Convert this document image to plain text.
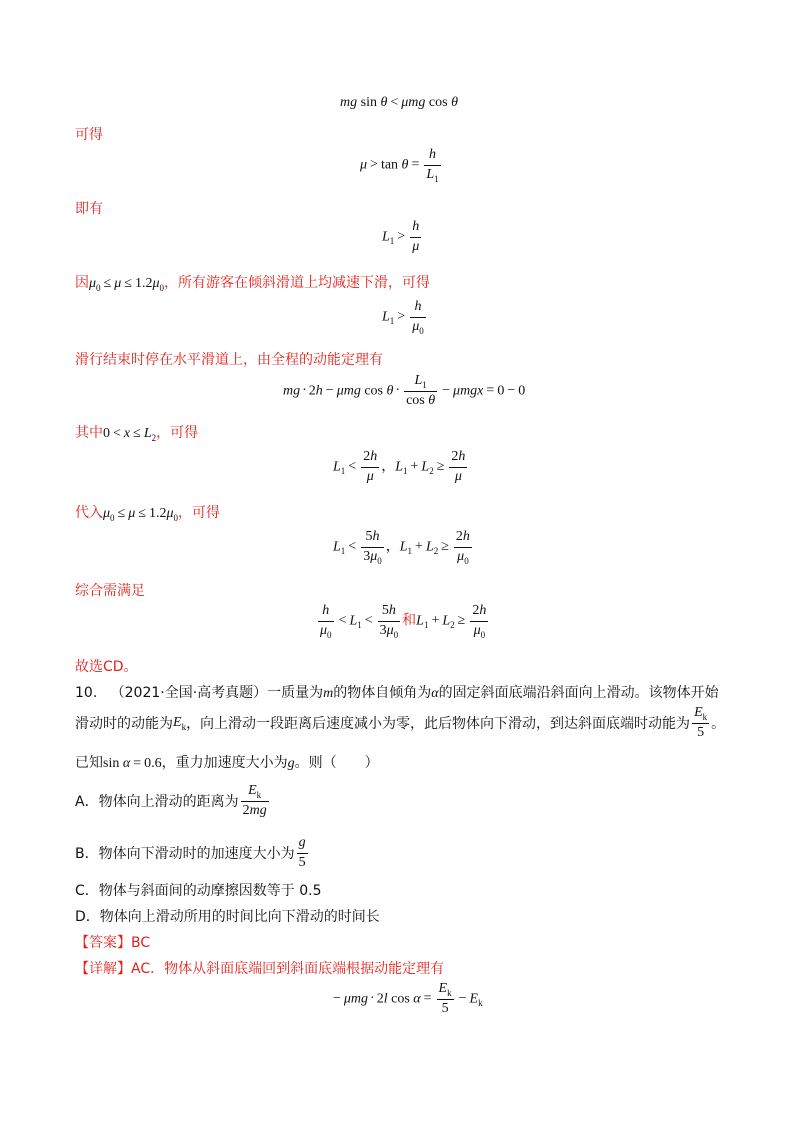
mg sin θ < μmg cos θ
可得
$\mu > \tan \theta = \frac{h}{L_1}$
即有
$L_1 > \frac{h}{\mu}$
因$\mu_0 \le \mu \le 1.2\mu_0$，所有游客在倾斜滑道上均减速下滑，可得
$L_1 > \frac{h}{\mu_0}$
滑行结束时停在水平滑道上，由全程的动能定理有
mg · 2h − μmg $\cos \theta \cdot \frac{L_1}{\text{cos θ}} - \mu mgx = 0 - 0$
其中$0 < x \le L_2$，可得
$L_1 < \frac{2h}{\mu}$ ，$L_1 + L_2 \ge \frac{2h}{\mu}$
代入$\mu_0 \le \mu \le 1.2\mu_0$，可得
$L_1 < \frac{5h}{3\mu_0}$ ，$L_1 + L_2 \ge \frac{2h}{\mu_0}$
综合需满足
$\frac{h}{\mu_0} < L_1 < \frac{5h}{3\mu_0}$ 和$L_1 + L_2 \ge \frac{2h}{\mu_0}$
故选CD。
10. （2021·全国·高考真题）一质量为m的物体自倾角为α的固定斜面底端沿斜面向上滑动。该物体开始
滑动时的动能为$E_k$，向上滑动一段距离后速度减小为零，此后物体向下滑动，到达斜面底端时动能为 $\frac{E_k}{5}$ 。
已知sin α = 0.6，重力加速度大小为g。则（　　）
A．物体向上滑动的距离为 $\frac{E_k}{2mg}$
B．物体向下滑动时的加速度大小为 $\frac{g}{5}$
C．物体与斜面间的动摩擦因数等于 0.5
D．物体向上滑动所用的时间比向下滑动的时间长
【答案】BC
【详解】AC．物体从斜面底端回到斜面底端根据动能定理有
− μmg · 2l $\cos \alpha = \frac{E_k}{5} - E_k$
